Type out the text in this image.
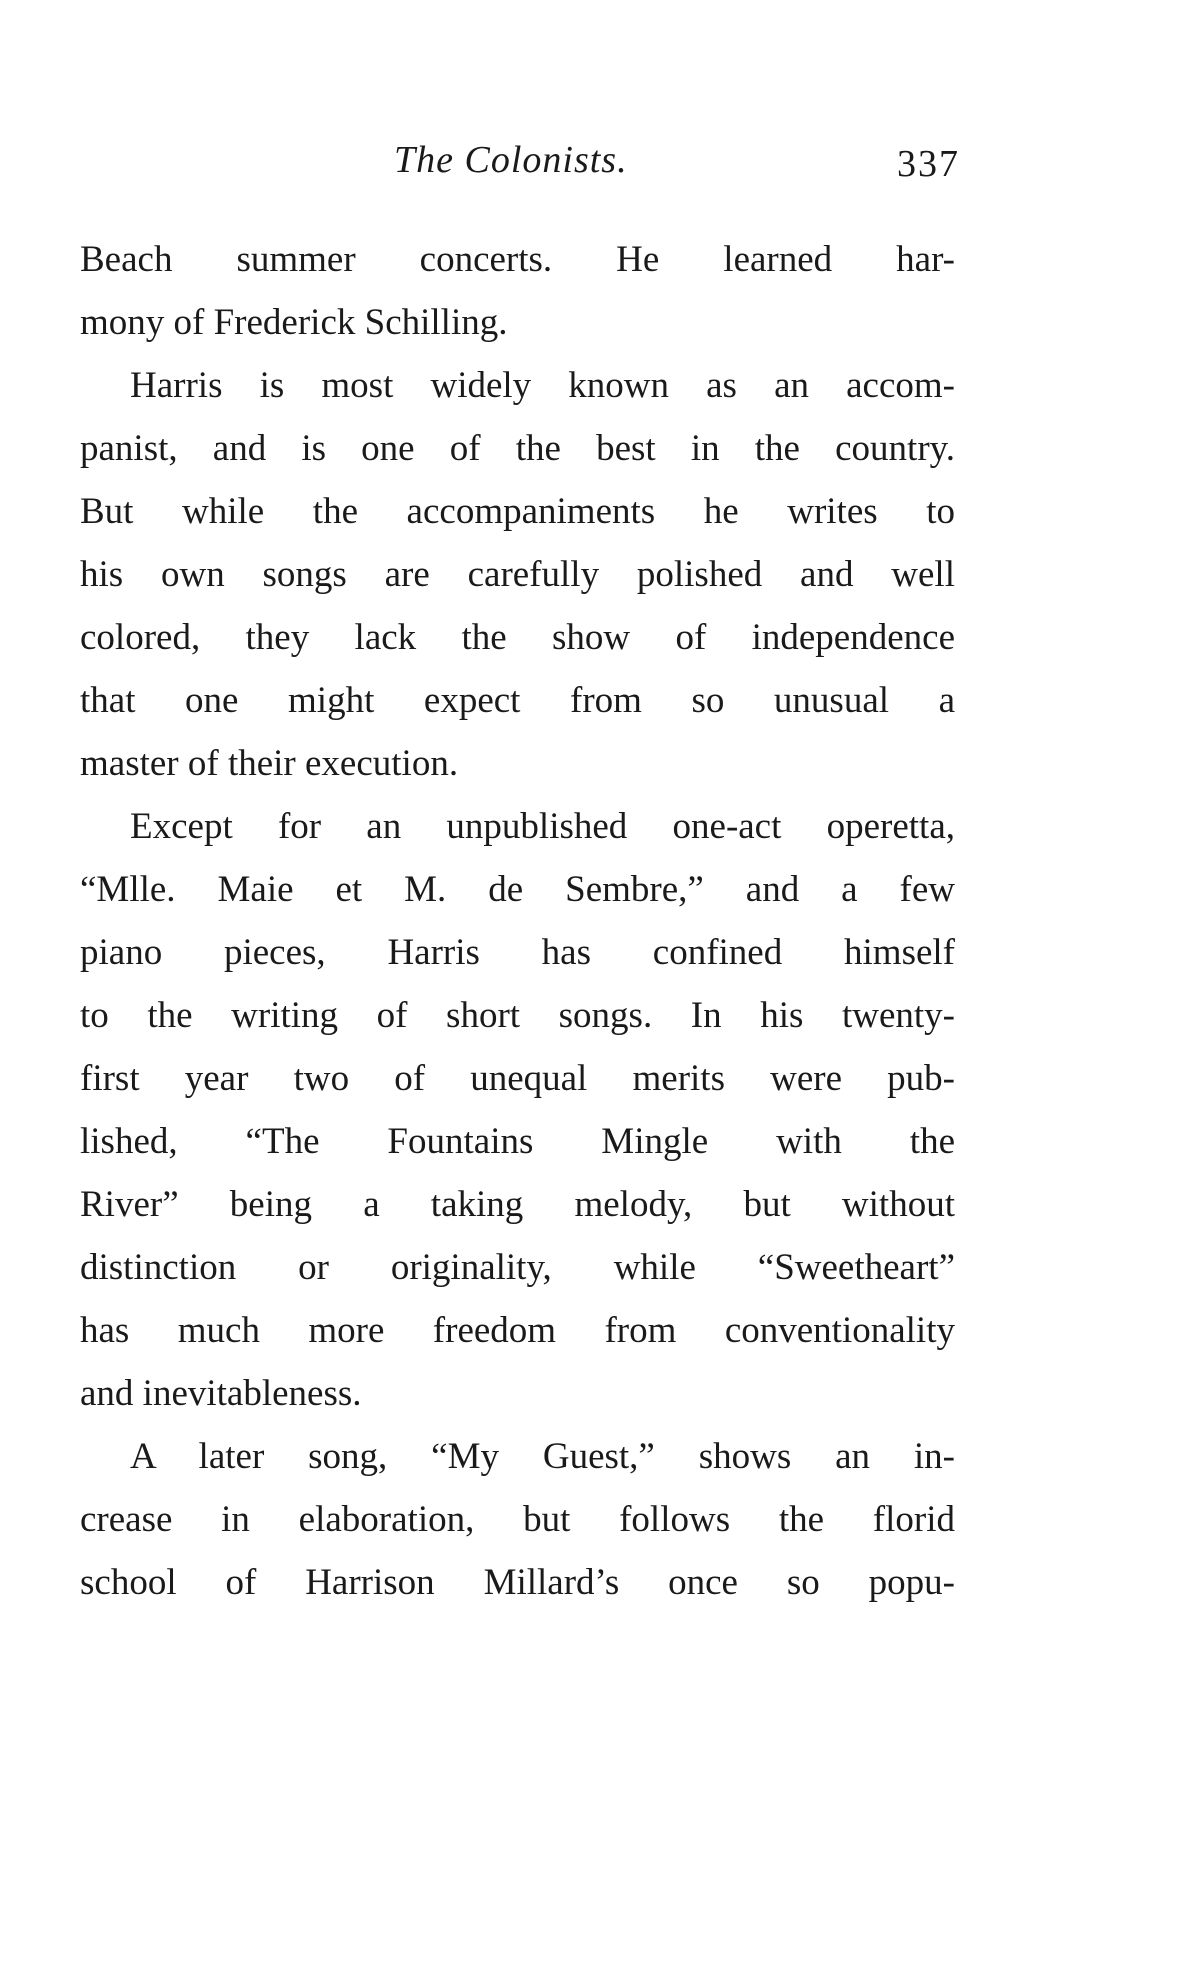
The Colonists.	337
Beach summer concerts. He learned har-
mony of Frederick Schilling.
Harris is most widely known as an accom-
panist, and is one of the best in the country.
But while the accompaniments he writes to
his own songs are carefully polished and well
colored, they lack the show of independence
that one might expect from so unusual a
master of their execution.
Except for an unpublished one-act operetta,
“Mlle. Maie et M. de Sembre,” and a few
piano pieces, Harris has confined himself
to the writing of short songs. In his twenty-
first year two of unequal merits were pub-
lished, “The Fountains Mingle with the
River” being a taking melody, but without
distinction or originality, while “Sweetheart”
has much more freedom from conventionality
and inevitableness.
A later song, “My Guest,” shows an in-
crease in elaboration, but follows the florid
school of Harrison Millard’s once so popu-
